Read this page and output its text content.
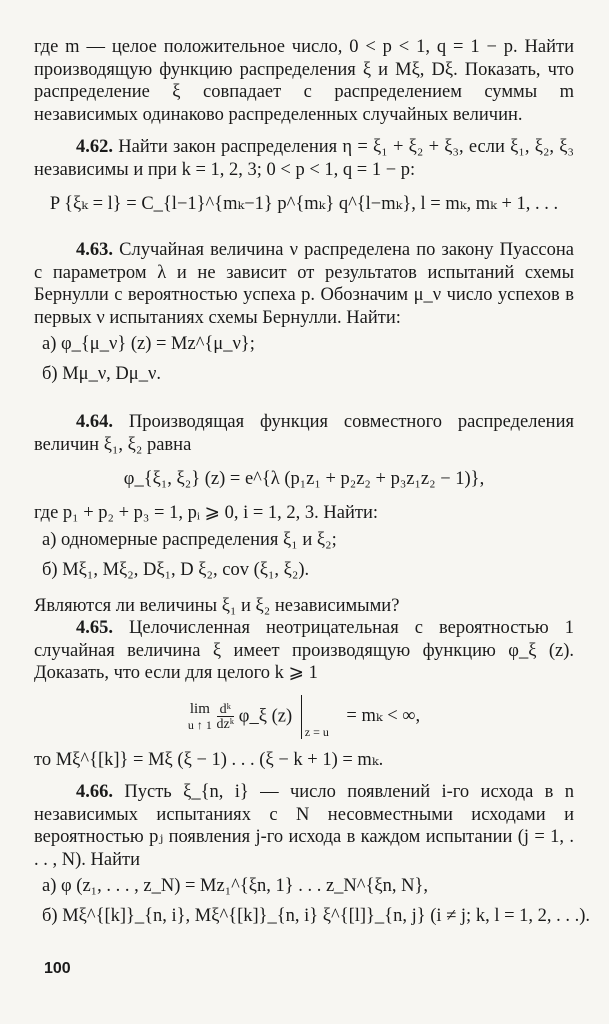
где m — целое положительное число, 0 < p < 1, q = 1 − p. Найти производящую функцию распределения ξ и Mξ, Dξ. Показать, что распределение ξ совпадает с распределением суммы m независимых одинаково распределенных случайных величин.

4.62. Найти закон распределения η = ξ₁ + ξ₂ + ξ₃, если ξ₁, ξ₂, ξ₃ независимы и при k = 1, 2, 3; 0 < p < 1, q = 1 − p:

P {ξₖ = l} = C_{l−1}^{mₖ−1} p^{mₖ} q^{l−mₖ}, l = mₖ, mₖ + 1, . . .

4.63. Случайная величина ν распределена по закону Пуассона с параметром λ и не зависит от результатов испытаний схемы Бернулли с вероятностью успеха p. Обозначим μ_ν число успехов в первых ν испытаниях схемы Бернулли. Найти:

а) φ_{μ_ν} (z) = Mz^{μ_ν};

б) Mμ_ν, Dμ_ν.

4.64. Производящая функция совместного распределения величин ξ₁, ξ₂ равна

φ_{ξ₁, ξ₂} (z) = e^{λ (p₁z₁ + p₂z₂ + p₃z₁z₂ − 1)},

где p₁ + p₂ + p₃ = 1, pᵢ ⩾ 0, i = 1, 2, 3. Найти:

а) одномерные распределения ξ₁ и ξ₂;

б) Mξ₁, Mξ₂, Dξ₁, D ξ₂, cov (ξ₁, ξ₂).

Являются ли величины ξ₁ и ξ₂ независимыми?

4.65. Целочисленная неотрицательная с вероятностью 1 случайная величина ξ имеет производящую функцию φ_ξ (z). Доказать, что если для целого k ⩾ 1

lim
u ↑ $1 \frac{\text{dᵏ}}{\text{dzᵏ}}$ φ_ξ (z)
z = u
= mₖ < ∞,

то Mξ^{[k]} = Mξ (ξ − 1) . . . (ξ − k + 1) = mₖ.

4.66. Пусть ξ_{n, i} — число появлений i-го исхода в n независимых испытаниях с N несовместными исходами и вероятностью pⱼ появления j-го исхода в каждом испытании (j = 1, . . . , N). Найти

а) φ (z₁, . . . , z_N) = Mz₁^{ξn, 1} . . . z_N^{ξn, N},

б) Mξ^{[k]}_{n, i}, Mξ^{[k]}_{n, i} ξ^{[l]}_{n, j} (i ≠ j; k, l = 1, 2, . . .).

100
